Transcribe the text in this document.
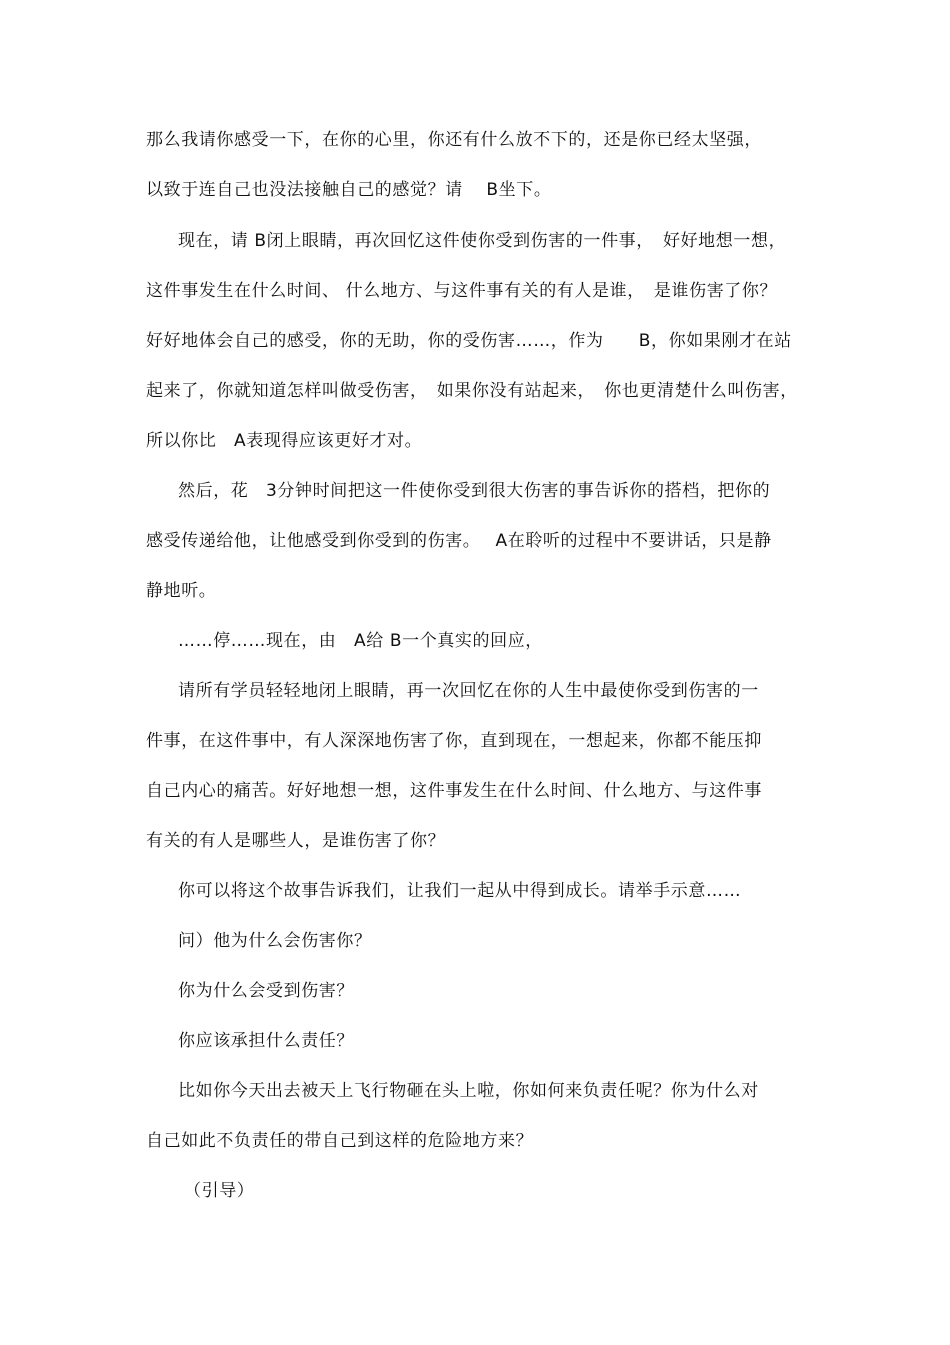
那么我请你感受一下，在你的心里，你还有什么放不下的，还是你已经太坚强，
以致于连自己也没法接触自己的感觉？请　 B坐下。
现在，请 B闭上眼睛，再次回忆这件使你受到伤害的一件事，　好好地想一想，
这件事发生在什么时间、 什么地方、与这件事有关的有人是谁，　是谁伤害了你？
好好地体会自己的感受，你的无助，你的受伤害……，作为　　B，你如果刚才在站
起来了，你就知道怎样叫做受伤害，　如果你没有站起来，　你也更清楚什么叫伤害，
所以你比　A表现得应该更好才对。
然后，花　3分钟时间把这一件使你受到很大伤害的事告诉你的搭档，把你的
感受传递给他，让他感受到你受到的伤害。　 A在聆听的过程中不要讲话，只是静
静地听。
……停……现在，由　A给 B一个真实的回应，
请所有学员轻轻地闭上眼睛，再一次回忆在你的人生中最使你受到伤害的一
件事，在这件事中，有人深深地伤害了你，直到现在，一想起来，你都不能压抑
自己内心的痛苦。好好地想一想，这件事发生在什么时间、什么地方、与这件事
有关的有人是哪些人，是谁伤害了你？
你可以将这个故事告诉我们，让我们一起从中得到成长。请举手示意……
问）他为什么会伤害你？
你为什么会受到伤害？
你应该承担什么责任？
比如你今天出去被天上飞行物砸在头上啦，你如何来负责任呢？你为什么对
自己如此不负责任的带自己到这样的危险地方来？
（引导）
